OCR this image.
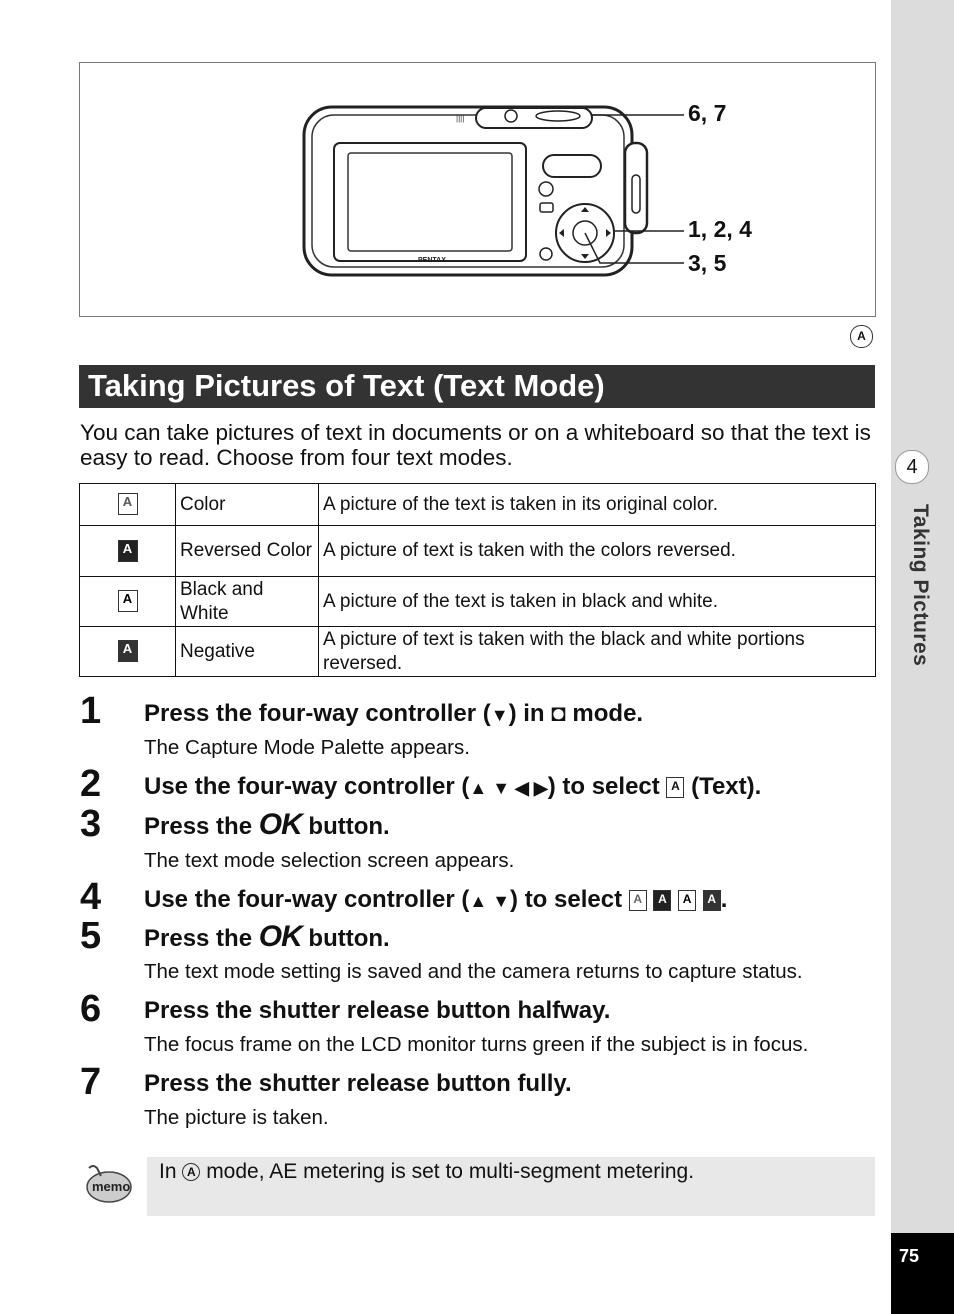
4
Taking Pictures
75
||||
PENTAX
6, 7
1, 2, 4
3, 5
A
Taking Pictures of Text (Text Mode)
You can take pictures of text in documents or on a whiteboard so that the text is easy to read. Choose from four text modes.
A	Color	A picture of the text is taken in its original color.
A	Reversed Color	A picture of text is taken with the colors reversed.
A	Black and White	A picture of the text is taken in black and white.
A	Negative	A picture of text is taken with the black and white portions reversed.
1 Press the four-way controller (▼) in ◘ mode.
The Capture Mode Palette appears.
2 Use the four-way controller (▲ ▼ ◀ ▶) to select A (Text).
3 Press the OK button.
The text mode selection screen appears.
4 Use the four-way controller (▲ ▼) to select A A A A .
5 Press the OK button.
The text mode setting is saved and the camera returns to capture status.
6 Press the shutter release button halfway.
The focus frame on the LCD monitor turns green if the subject is in focus.
7 Press the shutter release button fully.
The picture is taken.
memo
In A mode, AE metering is set to multi-segment metering.
